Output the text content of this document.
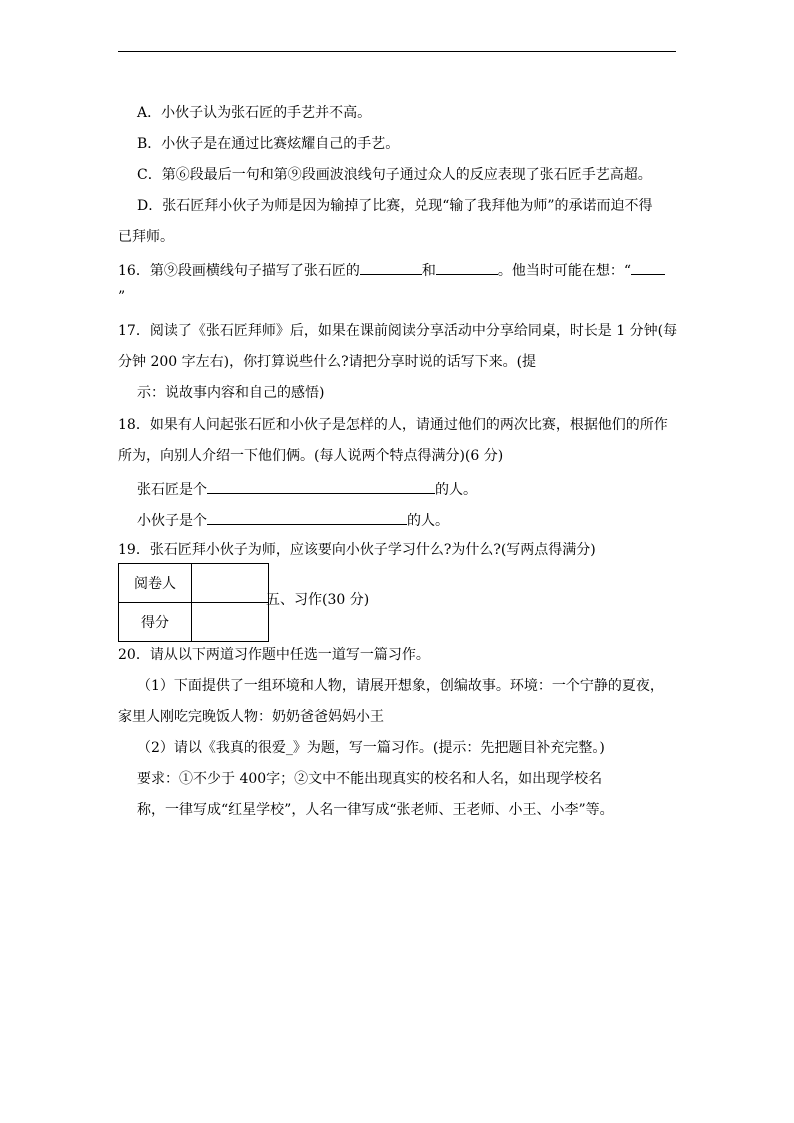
A．小伙子认为张石匠的手艺并不高。
B．小伙子是在通过比赛炫耀自己的手艺。
C．第⑥段最后一句和第⑨段画波浪线句子通过众人的反应表现了张石匠手艺高超。
D．张石匠拜小伙子为师是因为输掉了比赛，兑现“输了我拜他为师”的承诺而迫不得
已拜师。
16．第⑨段画横线句子描写了张石匠的	和	。他当时可能在想：“
”
17．阅读了《张石匠拜师》后，如果在课前阅读分享活动中分享给同桌，时长是 1 分钟(每
分钟 200 字左右)，你打算说些什么?请把分享时说的话写下来。(提
示：说故事内容和自己的感悟)
18．如果有人问起张石匠和小伙子是怎样的人，请通过他们的两次比赛，根据他们的所作
所为，向别人介绍一下他们俩。(每人说两个特点得满分)(6 分)
张石匠是个	的人。
小伙子是个	的人。
19．张石匠拜小伙子为师，应该要向小伙子学习什么?为什么?(写两点得满分)
阅卷人	
得分	
五、习作(30 分)
20．请从以下两道习作题中任选一道写一篇习作。
（1）下面提供了一组环境和人物，请展开想象，创编故事。环境：一个宁静的夏夜，
家里人刚吃完晚饭人物：奶奶爸爸妈妈小王
（2）请以《我真的很爱_》为题，写一篇习作。(提示：先把题目补充完整。)
要求：①不少于 400字；②文中不能出现真实的校名和人名，如出现学校名
称，一律写成“红星学校”，人名一律写成“张老师、王老师、小王、小李”等。
